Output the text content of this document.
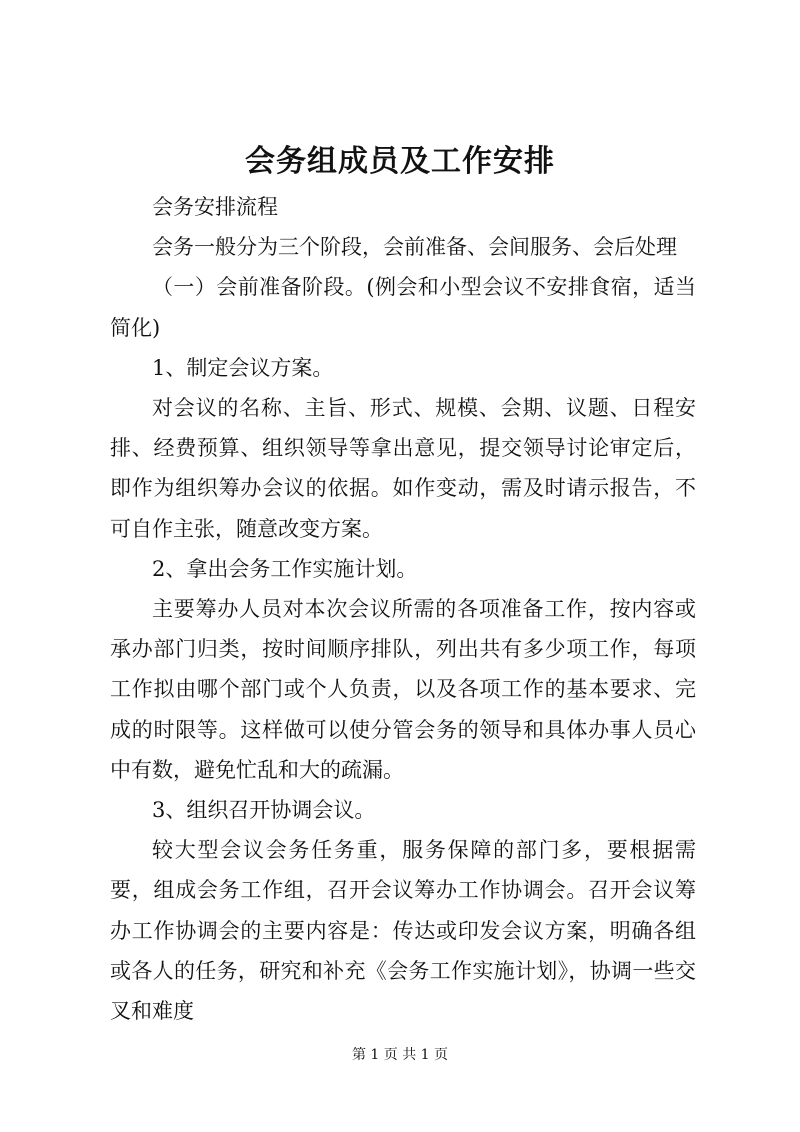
会务组成员及工作安排

会务安排流程

会务一般分为三个阶段，会前准备、会间服务、会后处理

（一）会前准备阶段。(例会和小型会议不安排食宿，适当简化)

1、制定会议方案。

对会议的名称、主旨、形式、规模、会期、议题、日程安排、经费预算、组织领导等拿出意见，提交领导讨论审定后，即作为组织筹办会议的依据。如作变动，需及时请示报告，不可自作主张，随意改变方案。

2、拿出会务工作实施计划。

主要筹办人员对本次会议所需的各项准备工作，按内容或承办部门归类，按时间顺序排队，列出共有多少项工作，每项工作拟由哪个部门或个人负责，以及各项工作的基本要求、完成的时限等。这样做可以使分管会务的领导和具体办事人员心中有数，避免忙乱和大的疏漏。

3、组织召开协调会议。

较大型会议会务任务重，服务保障的部门多，要根据需要，组成会务工作组，召开会议筹办工作协调会。召开会议筹办工作协调会的主要内容是：传达或印发会议方案，明确各组或各人的任务，研究和补充《会务工作实施计划》，协调一些交叉和难度

第 1 页 共 1 页
